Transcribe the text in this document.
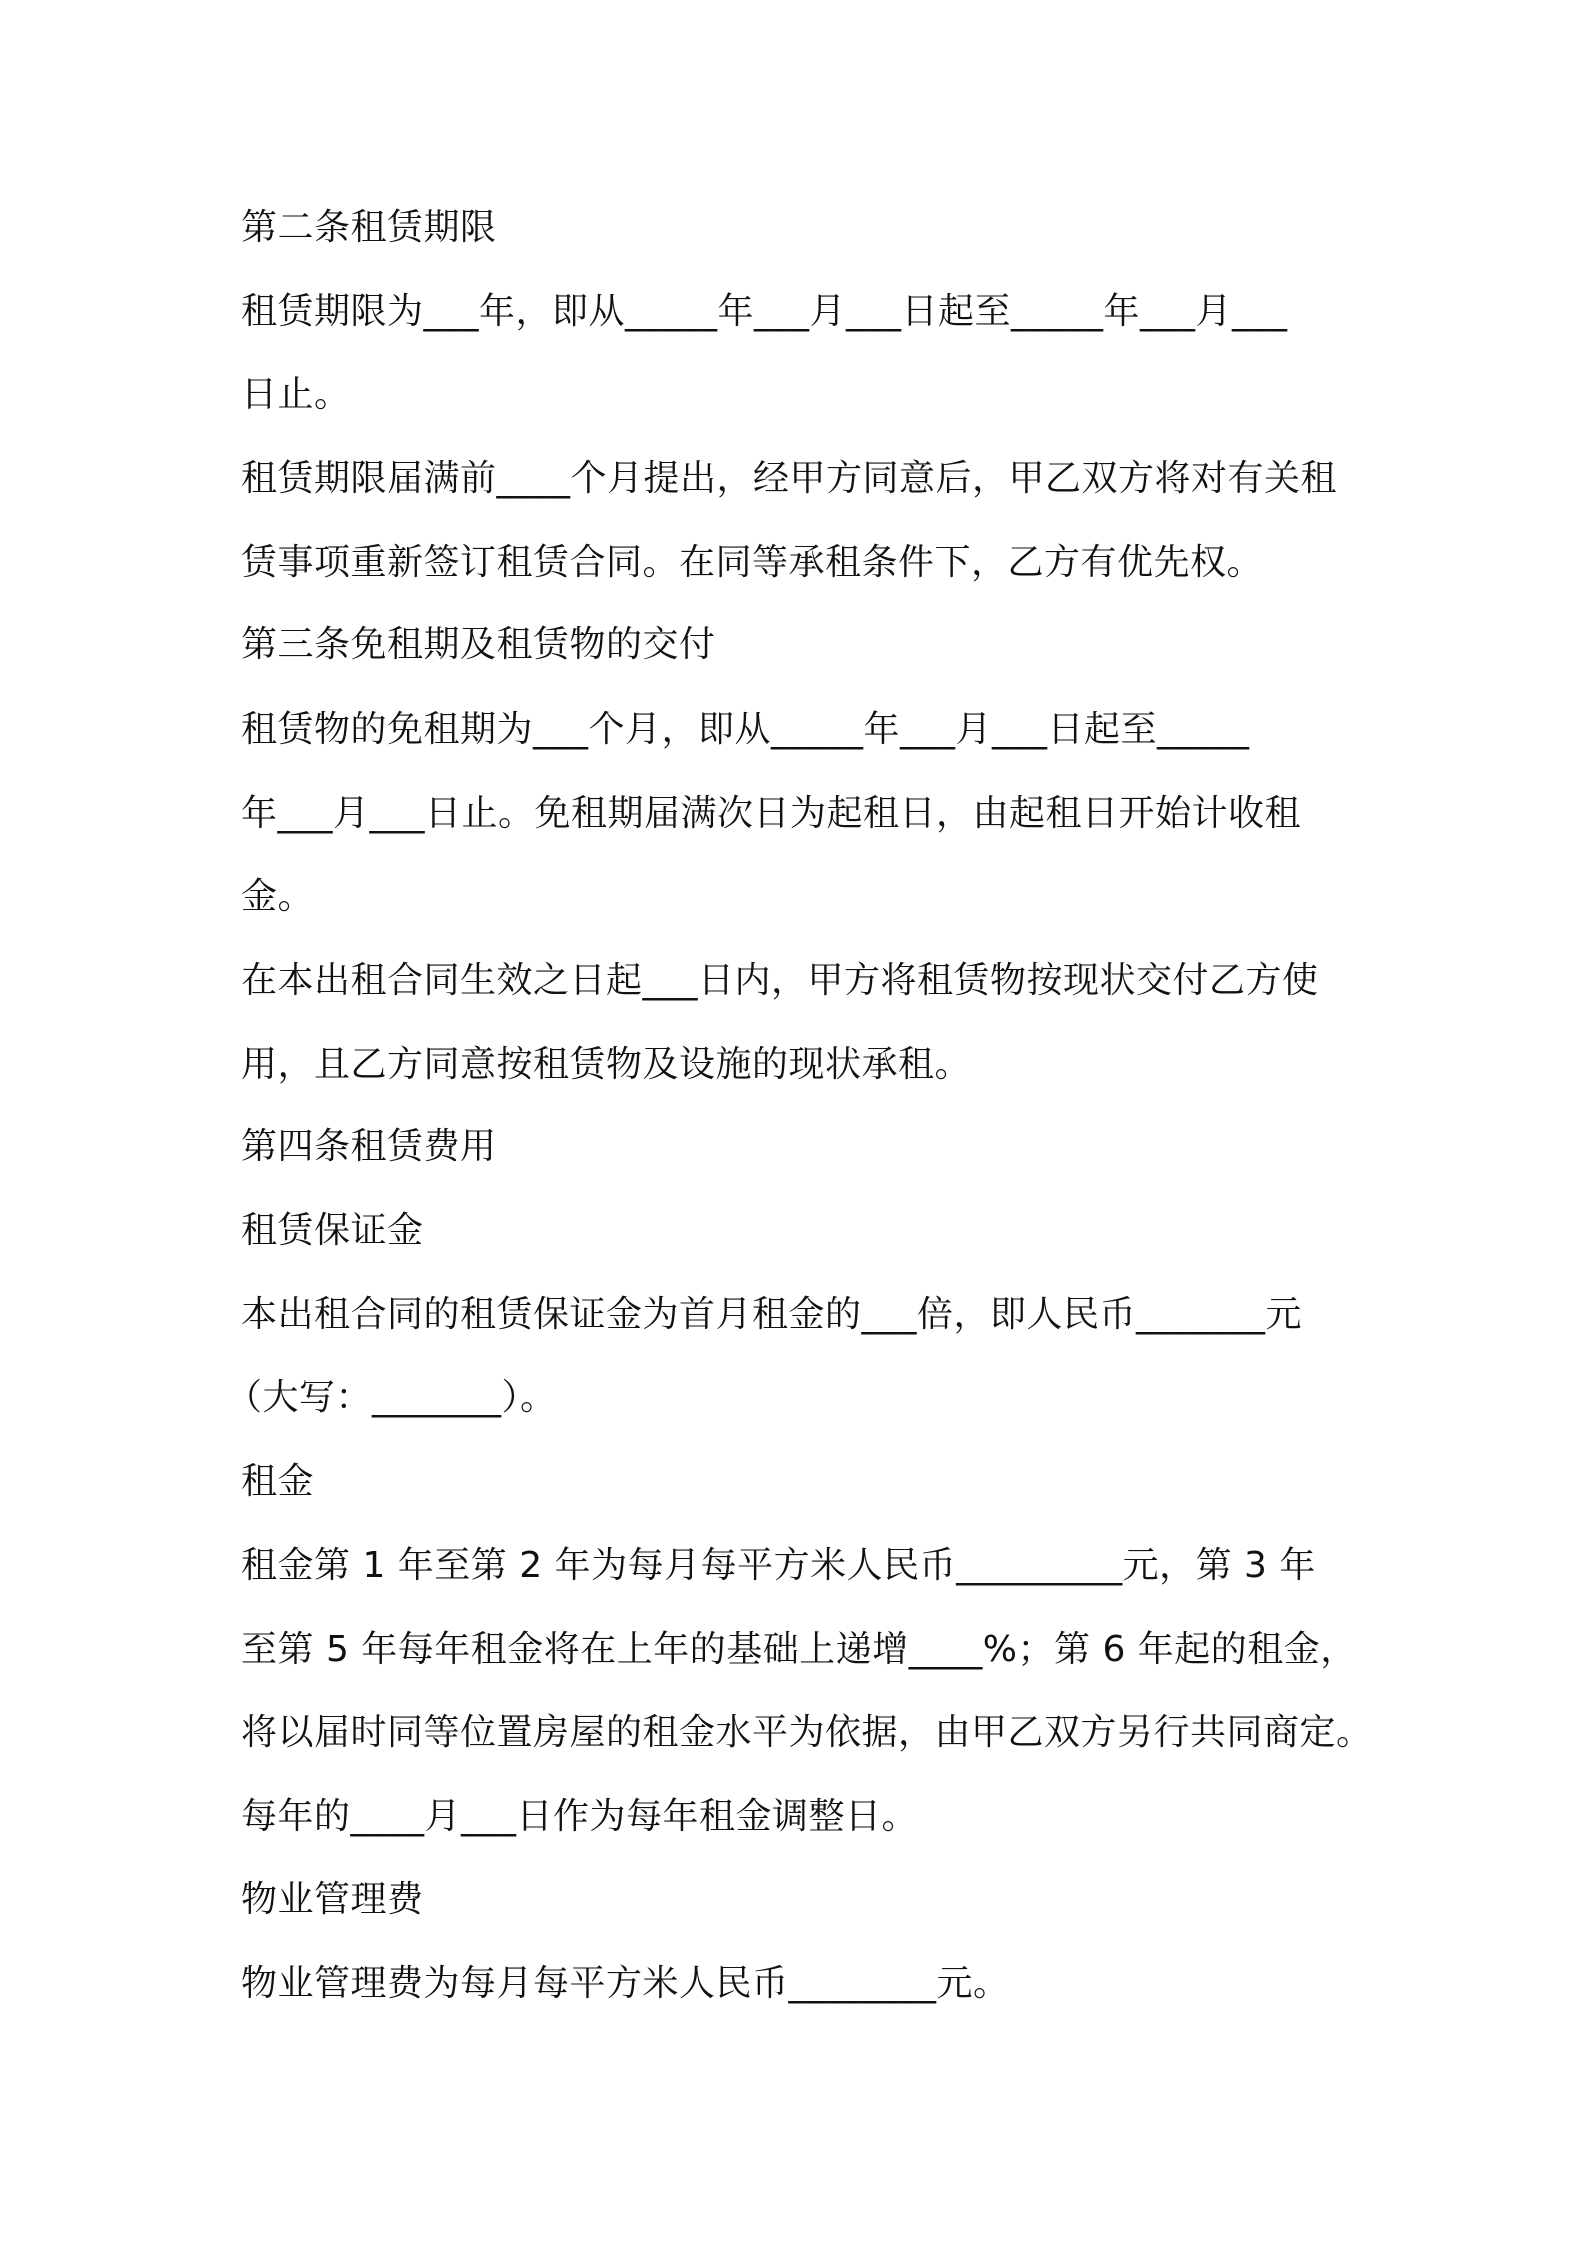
第二条租赁期限

租赁期限为___年，即从_____年___月___日起至_____年___月___

日止。

租赁期限届满前____个月提出，经甲方同意后，甲乙双方将对有关租

赁事项重新签订租赁合同。在同等承租条件下，乙方有优先权。

第三条免租期及租赁物的交付

租赁物的免租期为___个月，即从_____年___月___日起至_____

年___月___日止。免租期届满次日为起租日，由起租日开始计收租

金。

在本出租合同生效之日起___日内，甲方将租赁物按现状交付乙方使

用，且乙方同意按租赁物及设施的现状承租。

第四条租赁费用

租赁保证金

本出租合同的租赁保证金为首月租金的___倍，即人民币_______元

（大写：_______）。

租金

租金第 1 年至第 2 年为每月每平方米人民币_________元，第 3 年

至第 5 年每年租金将在上年的基础上递增____%；第 6 年起的租金，

将以届时同等位置房屋的租金水平为依据，由甲乙双方另行共同商定。

每年的____月___日作为每年租金调整日。

物业管理费

物业管理费为每月每平方米人民币________元。
